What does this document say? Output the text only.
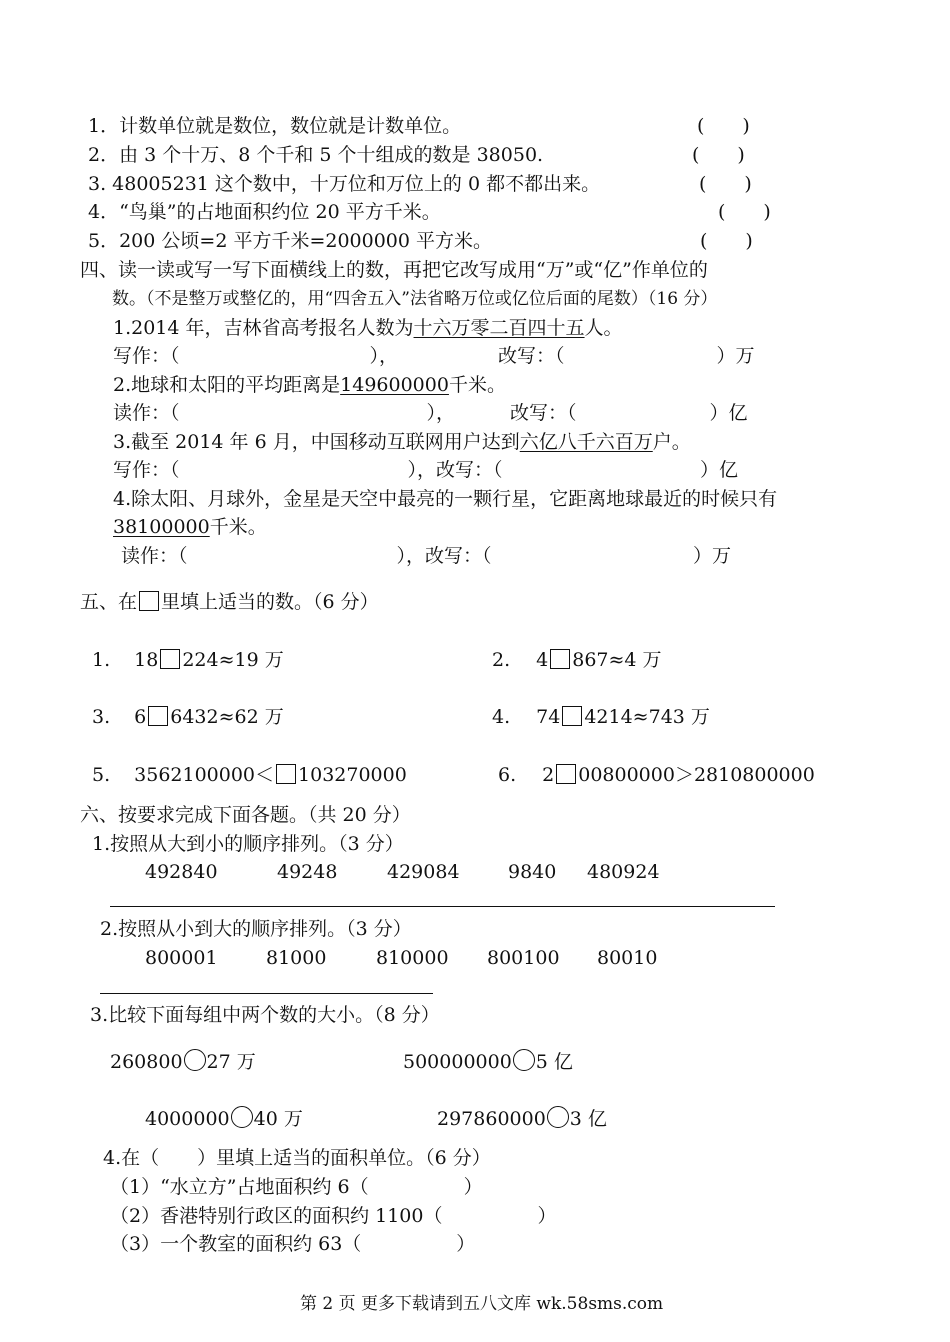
1．计数单位就是数位，数位就是计数单位。	(　　)
2．由 3 个十万、8 个千和 5 个十组成的数是 38050.	(　　)
3. 48005231 这个数中，十万位和万位上的 0 都不都出来。	(　　)
4．“鸟巢”的占地面积约位 20 平方千米。	(　　)
5．200 公顷=2 平方千米=2000000 平方米。	(　　)
四、读一读或写一写下面横线上的数，再把它改写成用“万”或“亿”作单位的
数。（不是整万或整亿的，用“四舍五入”法省略万位或亿位后面的尾数）（16 分）
1.2014 年，吉林省高考报名人数为十六万零二百四十五人。
写作：（　　　　　　　　　　），	改写：（　　　　　　　　）万
2.地球和太阳的平均距离是149600000千米。
读作：（　　　　　　　　　　　　　），	改写：（　　　　　　　）亿
3.截至 2014 年 6 月，中国移动互联网用户达到六亿八千六百万户。
写作：（　　　　　　　　　　　　），改写：（ 　　　　　　　　）亿
4.除太阳、月球外，金星是天空中最亮的一颗行星，它距离地球最近的时候只有
38100000千米。
读作：（　　　　　　　　　　　），改写：（	　　　　　　　）万
五、在 里填上适当的数。（6 分）
1. 18 224≈19 万	2. 4 867≈4 万
3. 6 6432≈62 万	4. 74 4214≈743 万
5. 3562100000＜ 103270000	6. 2 00800000＞2810800000
六、按要求完成下面各题。（共 20 分）
1.按照从大到小的顺序排列。（3 分）
492840	49248	429084	9840 480924
2.按照从小到大的顺序排列。（3 分）
800001	81000	810000 800100 80010
3.比较下面每组中两个数的大小。（8 分）
260800 27 万	500000000 5 亿
4000000 40 万	297860000 3 亿
4.在（　　）里填上适当的面积单位。（6 分）
（1）“水立方”占地面积约 6（　　　　　）
（2）香港特别行政区的面积约 1100（　　　　　）
（3）一个教室的面积约 63（　　　　　）
第 2 页 更多下载请到五八文库 wk.58sms.com
